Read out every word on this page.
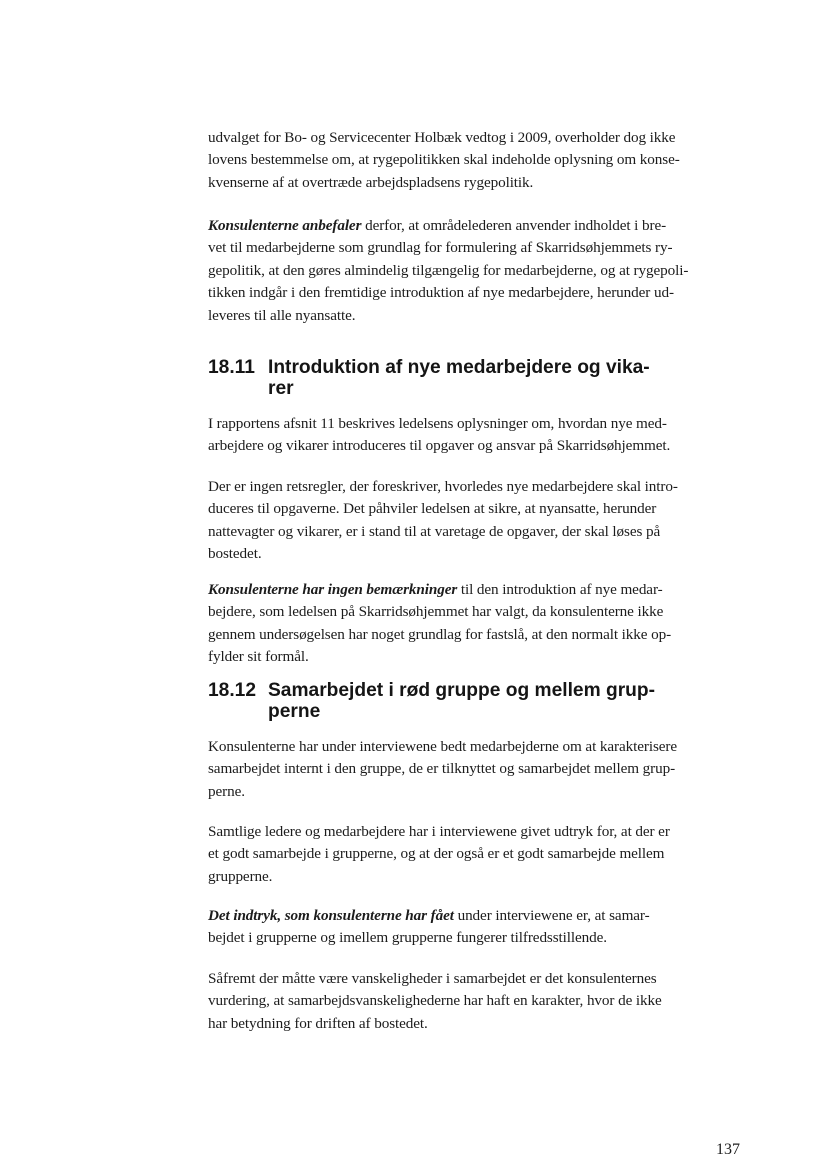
udvalget for Bo- og Servicecenter Holbæk vedtog i 2009, overholder dog ikke
lovens bestemmelse om, at rygepolitikken skal indeholde oplysning om konse-
kvenserne af at overtræde arbejdspladsens rygepolitik.

Konsulenterne anbefaler derfor, at områdelederen anvender indholdet i bre-
vet til medarbejderne som grundlag for formulering af Skarridsøhjemmets ry-
gepolitik, at den gøres almindelig tilgængelig for medarbejderne, og at rygepoli-
tikken indgår i den fremtidige introduktion af nye medarbejdere, herunder ud-
leveres til alle nyansatte.

18.11 Introduktion af nye medarbejdere og vika-
rer

I rapportens afsnit 11 beskrives ledelsens oplysninger om, hvordan nye med-
arbejdere og vikarer introduceres til opgaver og ansvar på Skarridsøhjemmet.

Der er ingen retsregler, der foreskriver, hvorledes nye medarbejdere skal intro-
duceres til opgaverne. Det påhviler ledelsen at sikre, at nyansatte, herunder
nattevagter og vikarer, er i stand til at varetage de opgaver, der skal løses på
bostedet.

Konsulenterne har ingen bemærkninger til den introduktion af nye medar-
bejdere, som ledelsen på Skarridsøhjemmet har valgt, da konsulenterne ikke
gennem undersøgelsen har noget grundlag for fastslå, at den normalt ikke op-
fylder sit formål.

18.12 Samarbejdet i rød gruppe og mellem grup-
perne

Konsulenterne har under interviewene bedt medarbejderne om at karakterisere
samarbejdet internt i den gruppe, de er tilknyttet og samarbejdet mellem grup-
perne.

Samtlige ledere og medarbejdere har i interviewene givet udtryk for, at der er
et godt samarbejde i grupperne, og at der også er et godt samarbejde mellem
grupperne.

Det indtryk, som konsulenterne har fået under interviewene er, at samar-
bejdet i grupperne og imellem grupperne fungerer tilfredsstillende.

Såfremt der måtte være vanskeligheder i samarbejdet er det konsulenternes
vurdering, at samarbejdsvanskelighederne har haft en karakter, hvor de ikke
har betydning for driften af bostedet.

137
